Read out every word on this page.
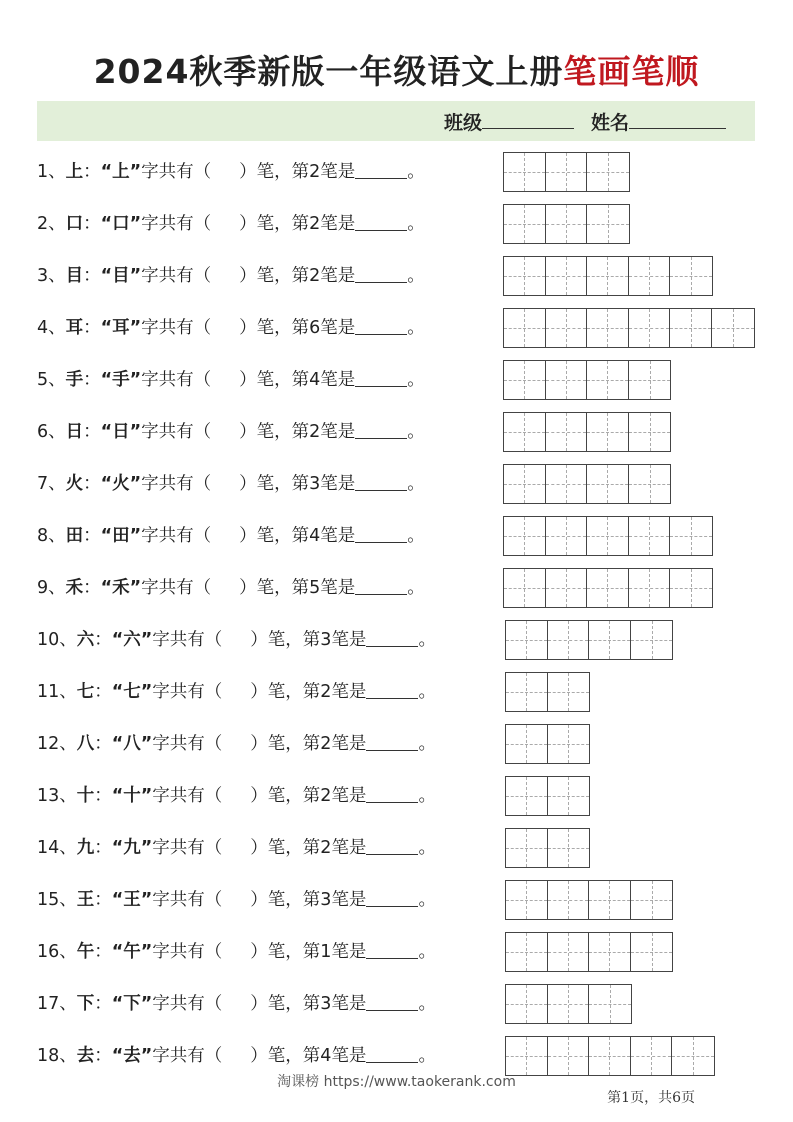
2024秋季新版一年级语文上册笔画笔顺
班级	姓名
1、上：“上”字共有（ ）笔，第2笔是	。
2、口：“口”字共有（ ）笔，第2笔是	。
3、目：“目”字共有（ ）笔，第2笔是	。
4、耳：“耳”字共有（ ）笔，第6笔是	。
5、手：“手”字共有（ ）笔，第4笔是	。
6、日：“日”字共有（ ）笔，第2笔是	。
7、火：“火”字共有（ ）笔，第3笔是	。
8、田：“田”字共有（ ）笔，第4笔是	。
9、禾：“禾”字共有（ ）笔，第5笔是	。
10、六：“六”字共有（ ）笔，第3笔是	。
11、七：“七”字共有（ ）笔，第2笔是	。
12、八：“八”字共有（ ）笔，第2笔是	。
13、十：“十”字共有（ ）笔，第2笔是	。
14、九：“九”字共有（ ）笔，第2笔是	。
15、王：“王”字共有（ ）笔，第3笔是	。
16、午：“午”字共有（ ）笔，第1笔是	。
17、下：“下”字共有（ ）笔，第3笔是	。
18、去：“去”字共有（ ）笔，第4笔是	。
淘课榜 https://www.taokerank.com
第1页，共6页
